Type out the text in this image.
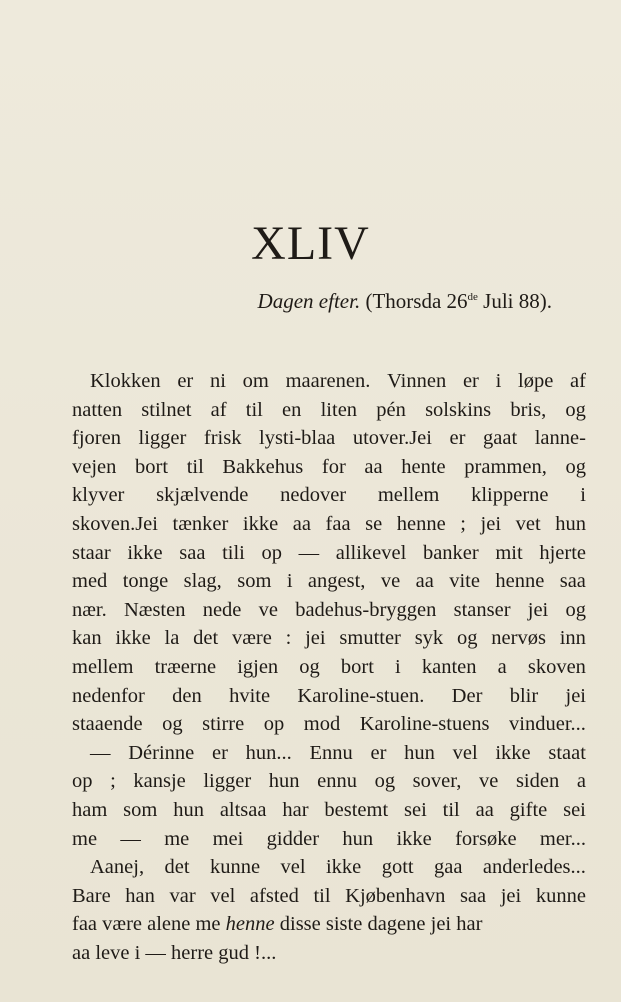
XLIV
Dagen efter. (Thorsda 26de Juli 88).
Klokken er ni om maarenen. Vinnen er i løpe af
natten stilnet af til en liten pén solskins bris, og
fjoren ligger frisk lysti-blaa utover.Jei er gaat lanne-
vejen bort til Bakkehus for aa hente prammen, og
klyver skjælvende nedover mellem klipperne i
skoven.Jei tænker ikke aa faa se henne ; jei vet hun
staar ikke saa tili op — allikevel banker mit hjerte
med tonge slag, som i angest, ve aa vite henne saa
nær. Næsten nede ve badehus-bryggen stanser jei og
kan ikke la det være : jei smutter syk og nervøs inn
mellem træerne igjen og bort i kanten a skoven
nedenfor den hvite Karoline-stuen. Der blir jei
staaende og stirre op mod Karoline-stuens vinduer...
— Dérinne er hun... Ennu er hun vel ikke staat
op ; kansje ligger hun ennu og sover, ve siden a
ham som hun altsaa har bestemt sei til aa gifte sei
me — me mei gidder hun ikke forsøke mer...
Aanej, det kunne vel ikke gott gaa anderledes...
Bare han var vel afsted til Kjøbenhavn saa jei kunne
faa være alene me henne disse siste dagene jei har
aa leve i — herre gud !...
